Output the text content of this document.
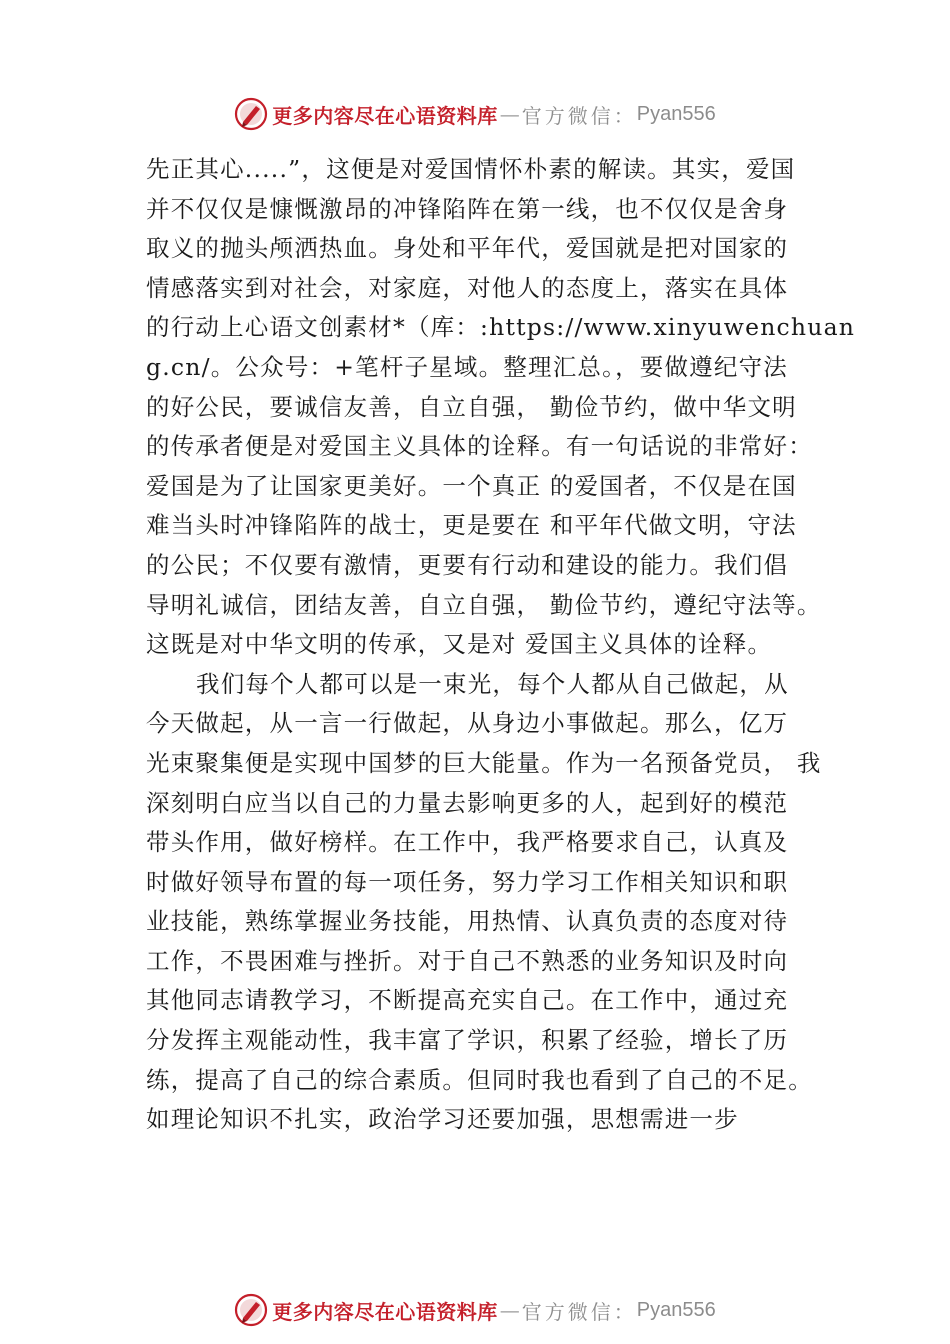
更多内容尽在心语资料库 — 官方微信： Pyan556
先正其心.....”，这便是对爱国情怀朴素的解读。其实，爱国
并不仅仅是慷慨激昂的冲锋陷阵在第一线，也不仅仅是舍身
取义的抛头颅洒热血。身处和平年代，爱国就是把对国家的
情感落实到对社会，对家庭，对他人的态度上，落实在具体
的行动上心语文创素材*（库：:https://www.xinyuwenchuan
g.cn/。公众号：+笔杆子星域。整理汇总。，要做遵纪守法
的好公民，要诚信友善，自立自强， 勤俭节约，做中华文明
的传承者便是对爱国主义具体的诠释。有一句话说的非常好：
爱国是为了让国家更美好。一个真正 的爱国者，不仅是在国
难当头时冲锋陷阵的战士，更是要在 和平年代做文明，守法
的公民；不仅要有激情，更要有行动和建设的能力。我们倡
导明礼诚信，团结友善，自立自强， 勤俭节约，遵纪守法等。
这既是对中华文明的传承，又是对 爱国主义具体的诠释。
我们每个人都可以是一束光，每个人都从自己做起，从
今天做起，从一言一行做起，从身边小事做起。那么，亿万
光束聚集便是实现中国梦的巨大能量。作为一名预备党员， 我
深刻明白应当以自己的力量去影响更多的人，起到好的模范
带头作用，做好榜样。在工作中，我严格要求自己，认真及
时做好领导布置的每一项任务，努力学习工作相关知识和职
业技能，熟练掌握业务技能，用热情、认真负责的态度对待
工作，不畏困难与挫折。对于自己不熟悉的业务知识及时向
其他同志请教学习，不断提高充实自己。在工作中，通过充
分发挥主观能动性，我丰富了学识，积累了经验，增长了历
练，提高了自己的综合素质。但同时我也看到了自己的不足。
如理论知识不扎实，政治学习还要加强，思想需进一步
更多内容尽在心语资料库 — 官方微信： Pyan556
